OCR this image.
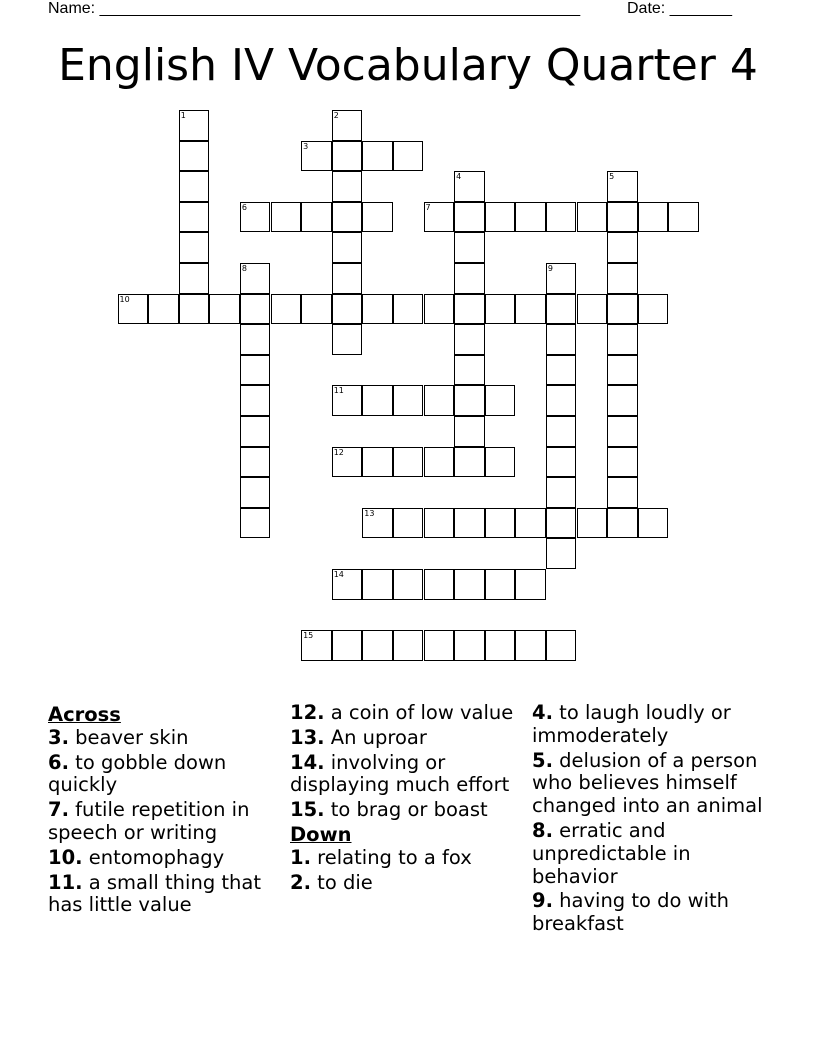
Name: ______________________________________________________	Date: _______
English IV Vocabulary Quarter 4
1	2
3
4	5
6	7
8	9
10
11
12
13
14
15
Across
3. beaver skin
6. to gobble down quickly
7. futile repetition in speech or writing
10. entomophagy
11. a small thing that has little value
12. a coin of low value
13. An uproar
14. involving or displaying much effort
15. to brag or boast
Down
1. relating to a fox
2. to die
4. to laugh loudly or immoderately
5. delusion of a person who believes himself changed into an animal
8. erratic and unpredictable in behavior
9. having to do with breakfast
